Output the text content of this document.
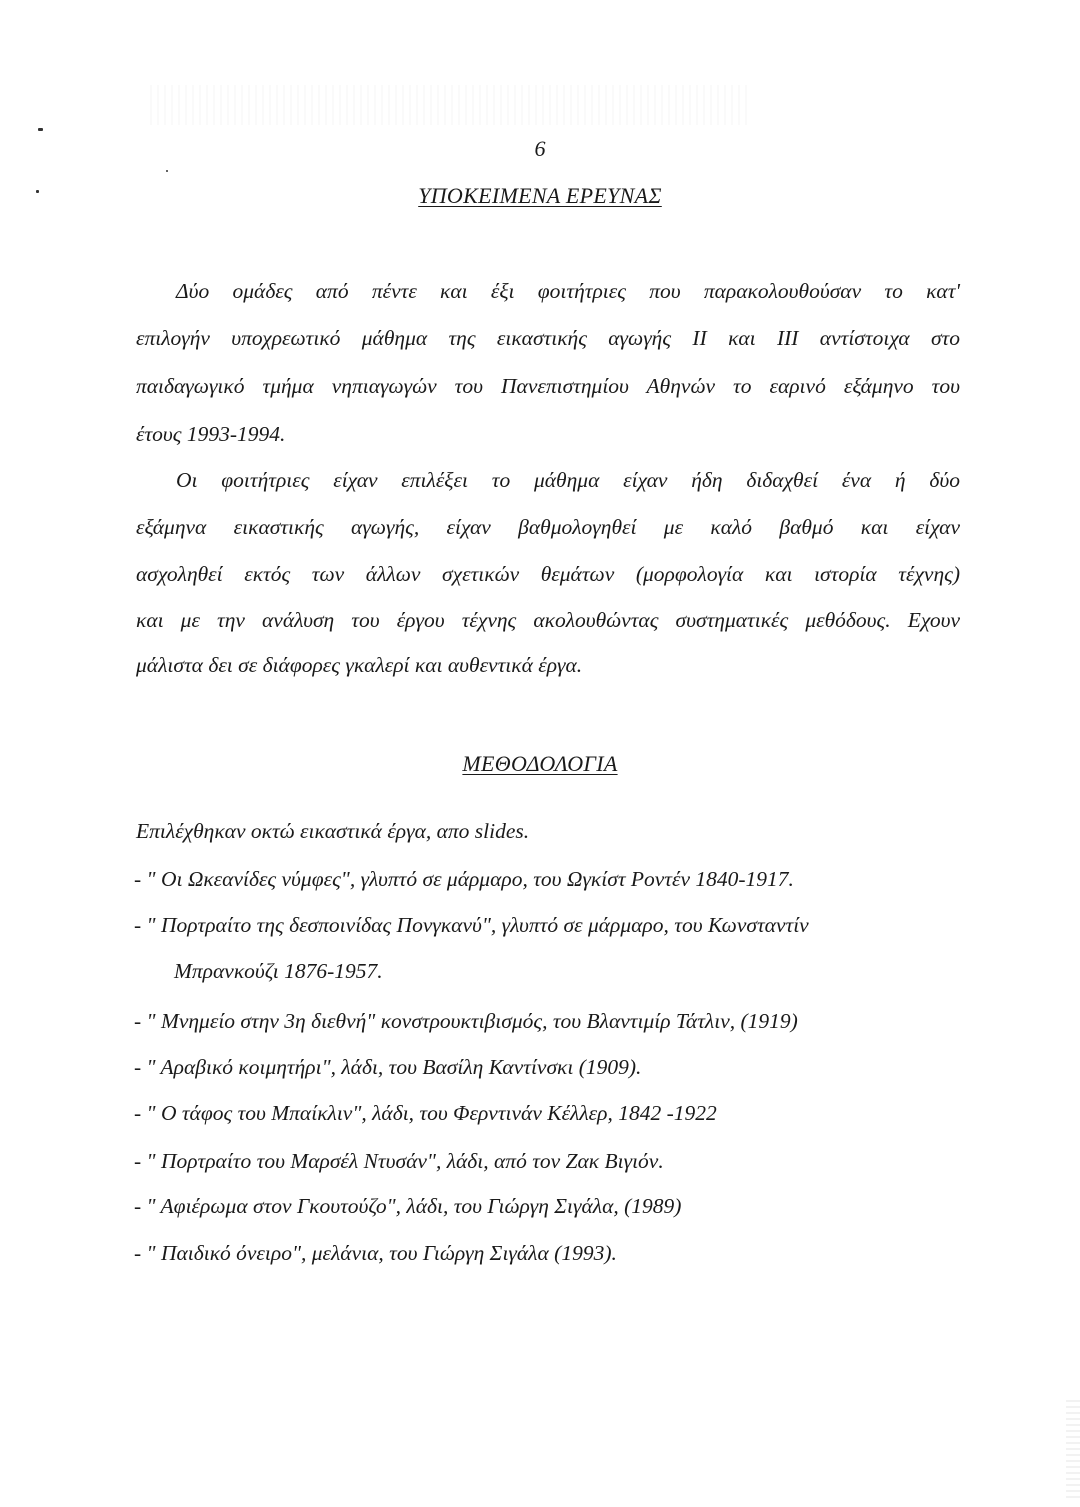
6
ΥΠΟΚΕΙΜΕΝΑ ΕΡΕΥΝΑΣ
Δύο ομάδες από πέντε και έξι φοιτήτριες που παρακολουθούσαν το κατ'
επιλογήν υποχρεωτικό μάθημα της εικαστικής αγωγής ΙΙ και ΙΙΙ αντίστοιχα στο
παιδαγωγικό τμήμα νηπιαγωγών του Πανεπιστημίου Αθηνών το εαρινό εξάμηνο του
έτους 1993-1994.
Οι φοιτήτριες είχαν επιλέξει το μάθημα είχαν ήδη διδαχθεί ένα ή δύο
εξάμηνα εικαστικής αγωγής, είχαν βαθμολογηθεί με καλό βαθμό και είχαν
ασχοληθεί εκτός των άλλων σχετικών θεμάτων (μορφολογία και ιστορία τέχνης)
και με την ανάλυση του έργου τέχνης ακολουθώντας συστηματικές μεθόδους. Εχουν
μάλιστα δει σε διάφορες γκαλερί και αυθεντικά έργα.
ΜΕΘΟΔΟΛΟΓΙΑ
Επιλέχθηκαν οκτώ εικαστικά έργα, απο slides.
- " Οι Ωκεανίδες νύμφες", γλυπτό σε μάρμαρο, του Ωγκίστ Ροντέν 1840-1917.
- " Πορτραίτο της δεσποινίδας Πονγκανύ", γλυπτό σε μάρμαρο, του Κωνσταντίν
Μπρανκούζι 1876-1957.
- " Μνημείο στην 3η διεθνή" κονστρουκτιβισμός, του Βλαντιμίρ Τάτλιν, (1919)
- " Αραβικό κοιμητήρι", λάδι, του Βασίλη Καντίνσκι (1909).
- " Ο τάφος του Μπαίκλιν", λάδι, του Φερντινάν Κέλλερ, 1842 -1922
- " Πορτραίτο του Μαρσέλ Ντυσάν", λάδι, από τον Ζακ Βιγιόν.
- " Αφιέρωμα στον Γκουτούζο", λάδι, του Γιώργη Σιγάλα, (1989)
- " Παιδικό όνειρο", μελάνια, του Γιώργη Σιγάλα (1993).
